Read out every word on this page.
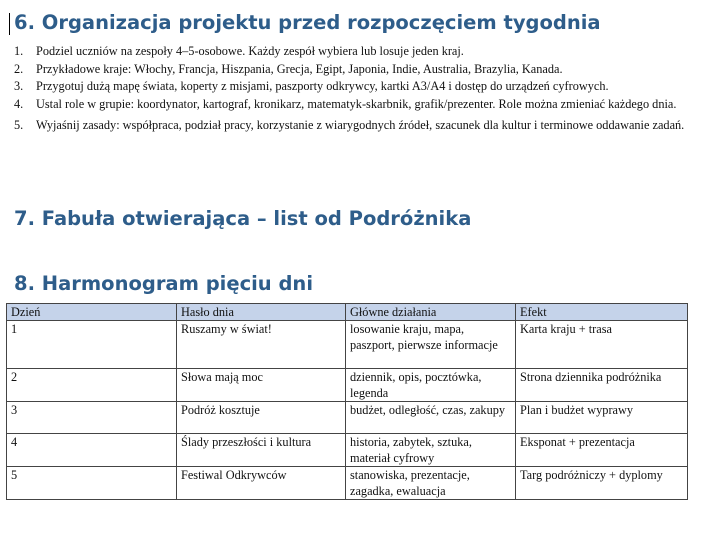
6. Organizacja projektu przed rozpoczęciem tygodnia
1. Podziel uczniów na zespoły 4–5-osobowe. Każdy zespół wybiera lub losuje jeden kraj.
2. Przykładowe kraje: Włochy, Francja, Hiszpania, Grecja, Egipt, Japonia, Indie, Australia, Brazylia, Kanada.
3. Przygotuj dużą mapę świata, koperty z misjami, paszporty odkrywcy, kartki A3/A4 i dostęp do urządzeń cyfrowych.
4. Ustal role w grupie: koordynator, kartograf, kronikarz, matematyk-skarbnik, grafik/prezenter. Role można zmieniać każdego dnia.
5. Wyjaśnij zasady: współpraca, podział pracy, korzystanie z wiarygodnych źródeł, szacunek dla kultur i terminowe oddawanie zadań.
7. Fabuła otwierająca – list od Podróżnika
8. Harmonogram pięciu dni
Dzień	Hasło dnia	Główne działania	Efekt
1	Ruszamy w świat!	losowanie kraju, mapa, paszport, pierwsze informacje	Karta kraju + trasa
2	Słowa mają moc	dziennik, opis, pocztówka, legenda	Strona dziennika podróżnika
3	Podróż kosztuje	budżet, odległość, czas, zakupy	Plan i budżet wyprawy
4	Ślady przeszłości i kultura	historia, zabytek, sztuka, materiał cyfrowy	Eksponat + prezentacja
5	Festiwal Odkrywców	stanowiska, prezentacje, zagadka, ewaluacja	Targ podróżniczy + dyplomy
